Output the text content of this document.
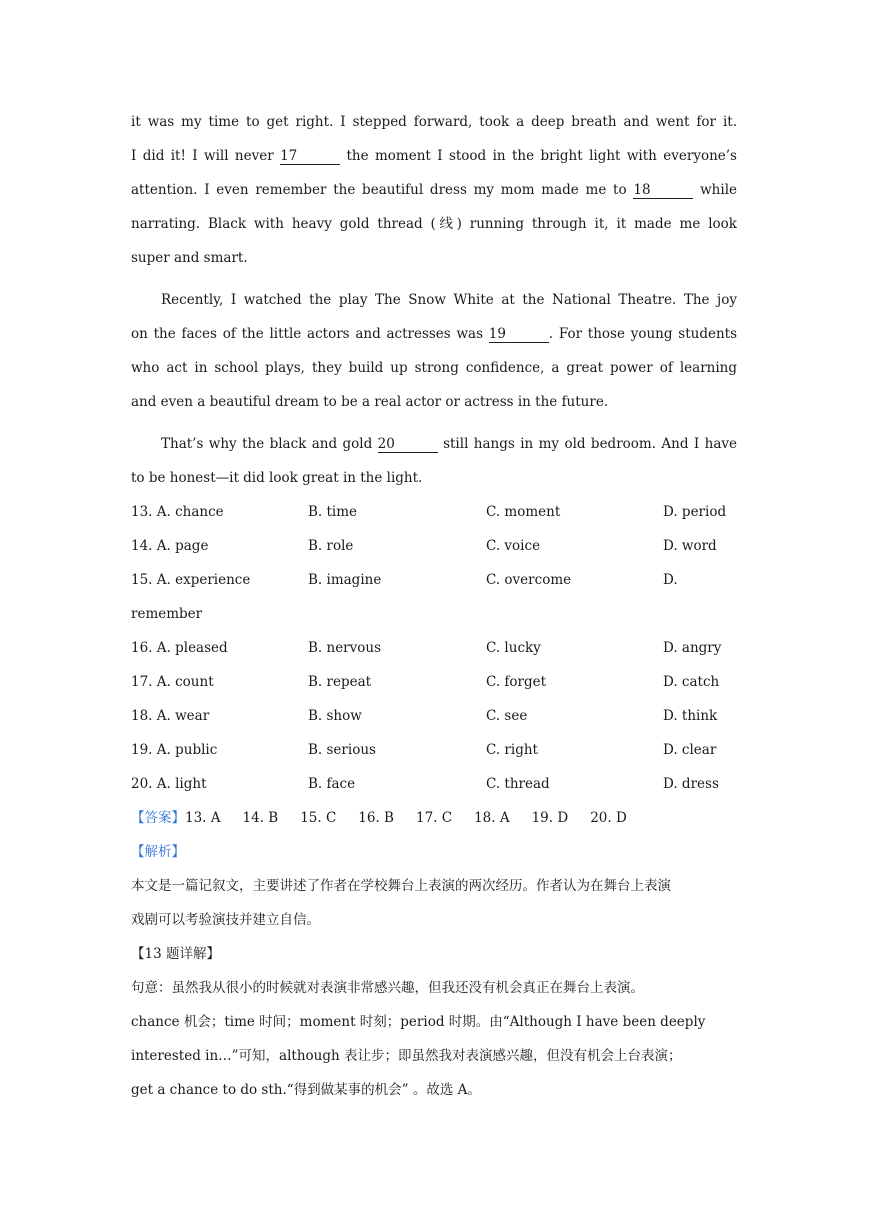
it was my time to get right. I stepped forward, took a deep breath and went for it.
I did it! I will never 17	the moment I stood in the bright light with everyone’s
attention. I even remember the beautiful dress my mom made me to 18	while
narrating. Black with heavy gold thread (线) running through it, it made me look
super and smart.
Recently, I watched the play The Snow White at the National Theatre. The joy
on the faces of the little actors and actresses was 19	. For those young students
who act in school plays, they build up strong confidence, a great power of learning
and even a beautiful dream to be a real actor or actress in the future.
That’s why the black and gold 20	still hangs in my old bedroom. And I have
to be honest—it did look great in the light.
13. A. chance	B. time	C. moment	D. period
14. A. page	B. role	C. voice	D. word
15. A. experience	B. imagine	C. overcome	D.
remember
16. A. pleased	B. nervous	C. lucky	D. angry
17. A. count	B. repeat	C. forget	D. catch
18. A. wear	B. show	C. see	D. think
19. A. public	B. serious	C. right	D. clear
20. A. light	B. face	C. thread	D. dress
【答案】13. A 14. B 15. C 16. B 17. C 18. A 19. D 20. D
【解析】
本文是一篇记叙文，主要讲述了作者在学校舞台上表演的两次经历。作者认为在舞台上表演
戏剧可以考验演技并建立自信。
【13 题详解】
句意：虽然我从很小的时候就对表演非常感兴趣，但我还没有机会真正在舞台上表演。
chance 机会；time 时间；moment 时刻；period 时期。由“Although I have been deeply
interested in…”可知，although 表让步；即虽然我对表演感兴趣，但没有机会上台表演；
get a chance to do sth.“得到做某事的机会” 。故选 A。
